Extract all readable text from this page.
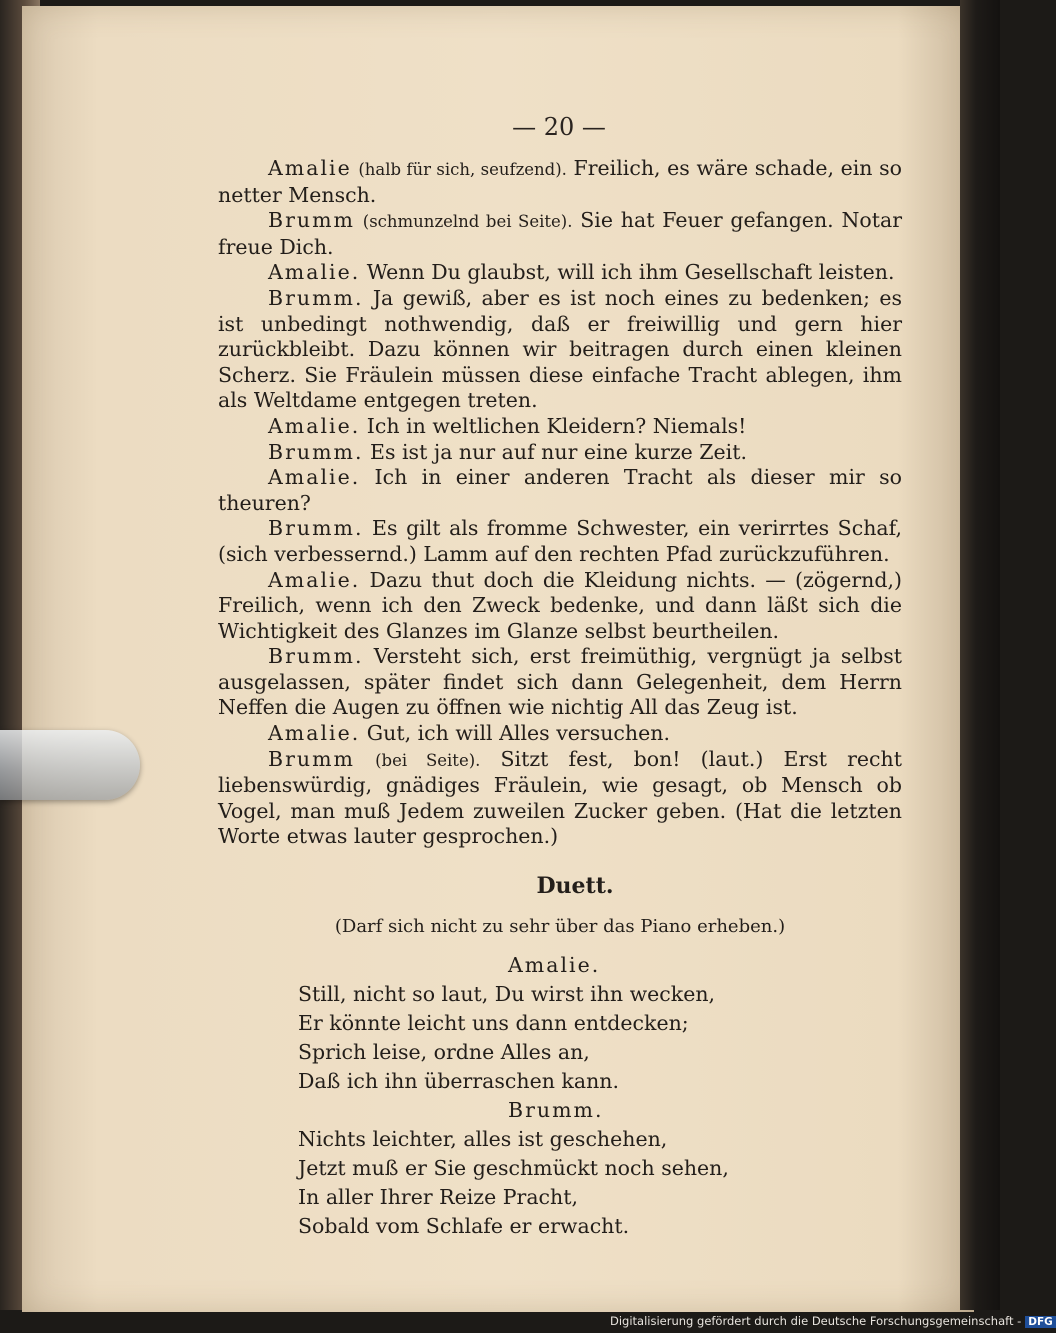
— 20 —

Amalie (halb für sich, seufzend). Freilich, es wäre schade, ein so netter Mensch.

Brumm (schmunzelnd bei Seite). Sie hat Feuer gefangen. Notar freue Dich.

Amalie. Wenn Du glaubst, will ich ihm Gesellschaft leisten.

Brumm. Ja gewiß, aber es ist noch eines zu bedenken; es ist unbedingt nothwendig, daß er freiwillig und gern hier zurückbleibt. Dazu können wir beitragen durch einen kleinen Scherz. Sie Fräulein müssen diese einfache Tracht ablegen, ihm als Weltdame entgegen treten.

Amalie. Ich in weltlichen Kleidern? Niemals!

Brumm. Es ist ja nur auf nur eine kurze Zeit.

Amalie. Ich in einer anderen Tracht als dieser mir so theuren?

Brumm. Es gilt als fromme Schwester, ein verirrtes Schaf, (sich verbessernd.) Lamm auf den rechten Pfad zurückzuführen.

Amalie. Dazu thut doch die Kleidung nichts. — (zögernd,) Freilich, wenn ich den Zweck bedenke, und dann läßt sich die Wichtigkeit des Glanzes im Glanze selbst beurtheilen.

Brumm. Versteht sich, erst freimüthig, vergnügt ja selbst ausgelassen, später findet sich dann Gelegenheit, dem Herrn Neffen die Augen zu öffnen wie nichtig All das Zeug ist.

Amalie. Gut, ich will Alles versuchen.

Brumm (bei Seite). Sitzt fest, bon! (laut.) Erst recht liebenswürdig, gnädiges Fräulein, wie gesagt, ob Mensch ob Vogel, man muß Jedem zuweilen Zucker geben. (Hat die letzten Worte etwas lauter gesprochen.)

Duett.
(Darf sich nicht zu sehr über das Piano erheben.)
Amalie.
Still, nicht so laut, Du wirst ihn wecken,
Er könnte leicht uns dann entdecken;
Sprich leise, ordne Alles an,
Daß ich ihn überraschen kann.
Brumm.
Nichts leichter, alles ist geschehen,
Jetzt muß er Sie geschmückt noch sehen,
In aller Ihrer Reize Pracht,
Sobald vom Schlafe er erwacht.
Digitalisierung gefördert durch die Deutsche Forschungsgemeinschaft - DFG
